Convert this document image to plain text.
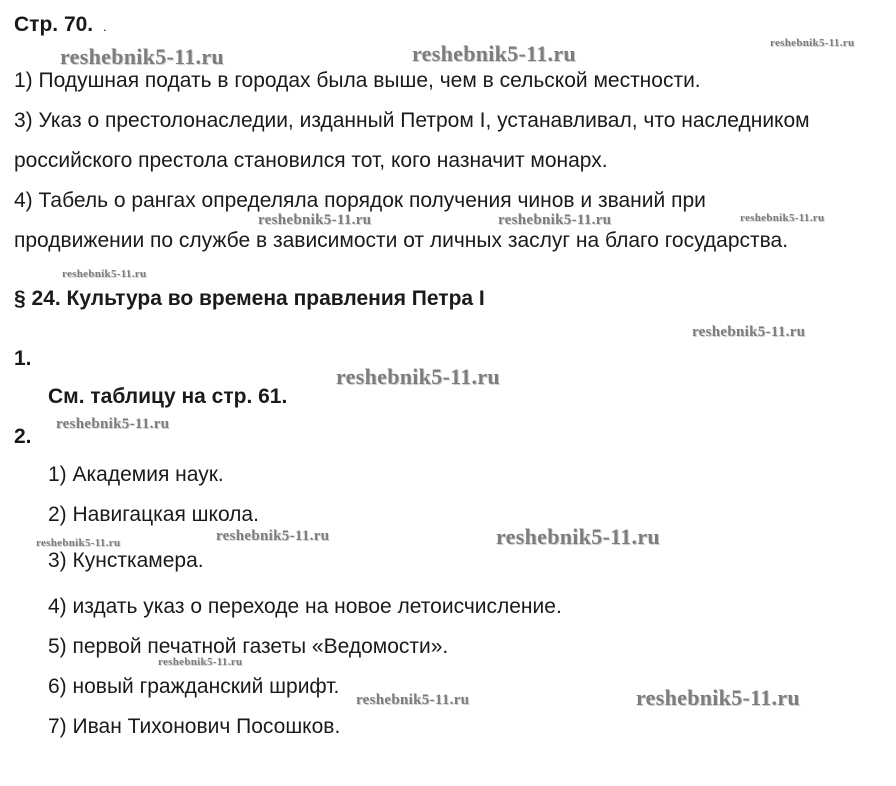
Стр. 70. .
1) Подушная подать в городах была выше, чем в сельской местности.
3) Указ о престолонаследии, изданный Петром I, устанавливал, что наследником
российского престола становился тот, кого назначит монарх.
4) Табель о рангах определяла порядок получения чинов и званий при
продвижении по службе в зависимости от личных заслуг на благо государства.
§ 24. Культура во времена правления Петра I
1.
См. таблицу на стр. 61.
2.
1) Академия наук.
2) Навигацкая школа.
3) Кунсткамера.
4) издать указ о переходе на новое летоисчисление.
5) первой печатной газеты «Ведомости».
6) новый гражданский шрифт.
7) Иван Тихонович Посошков.
reshebnik5-11.ru	reshebnik5-11.ru	reshebnik5-11.ru
reshebnik5-11.ru	reshebnik5-11.ru	reshebnik5-11.ru
reshebnik5-11.ru
reshebnik5-11.ru
reshebnik5-11.ru
reshebnik5-11.ru
reshebnik5-11.ru	reshebnik5-11.ru	reshebnik5-11.ru
reshebnik5-11.ru
reshebnik5-11.ru	reshebnik5-11.ru
